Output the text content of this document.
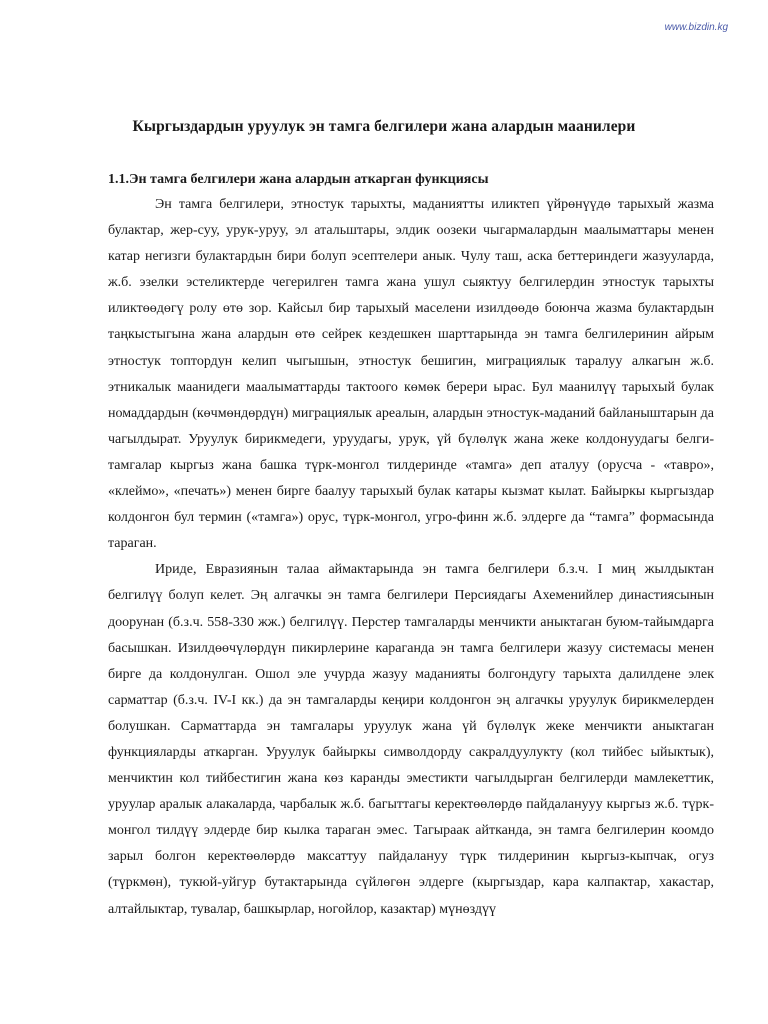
www.bizdin.kg
Кыргыздардын уруулук эн тамга белгилери жана алардын маанилери
1.1.Эн тамга белгилери жана алардын аткарган функциясы

Эн тамга белгилери, этностук тарыхты, маданиятты иликтеп үйрөнүүдө тарыхый жазма булактар, жер-суу, урук-уруу, эл атальштары, элдик оозеки чыгармалардын маалыматтары менен катар негизги булактардын бири болуп эсептелери анык. Чулу таш, аска беттериндеги жазууларда, ж.б. эзелки эстеликтерде чегерилген тамга жана ушул сыяктуу белгилердин этностук тарыхты иликтөөдөгү ролу өтө зор. Кайсыл бир тарыхый маселени изилдөөдө боюнча жазма булактардын таңкыстыгына жана алардын өтө сейрек кездешкен шарттарында эн тамга белгилеринин айрым этностук топтордун келип чыгышын, этностук бешигин, миграциялык таралуу алкагын ж.б. этникалык маанидеги маалыматтарды тактоого көмөк берери ырас. Бул маанилүү тарыхый булак номаддардын (көчмөндөрдүн) миграциялык ареалын, алардын этностук-маданий байланыштарын да чагылдырат. Уруулук бирикмедеги, уруудагы, урук, үй бүлөлүк жана жеке колдонуудагы белги-тамгалар кыргыз жана башка түрк-монгол тилдеринде «тамга» деп аталуу (орусча - «тавро», «клеймо», «печать») менен бирге баалуу тарыхый булак катары кызмат кылат. Байыркы кыргыздар колдонгон бул термин («тамга») орус, түрк-монгол, угро-финн ж.б. элдерге да “тамга” формасында тараган.

Ириде, Евразиянын талаа аймактарында эн тамга белгилери б.з.ч. I миң жылдыктан белгилүү болуп келет. Эң алгачкы эн тамга белгилери Персиядагы Ахеменийлер династиясынын доорунан (б.з.ч. 558-330 жж.) белгилүү. Перстер тамгаларды менчикти аныктаган буюм-тайымдарга басышкан. Изилдөөчүлөрдүн пикирлерине караганда эн тамга белгилери жазуу системасы менен бирге да колдонулган. Ошол эле учурда жазуу маданияты болгондугу тарыхта далилдене элек сарматтар (б.з.ч. IV-I кк.) да эн тамгаларды кеңири колдонгон эң алгачкы уруулук бирикмелерден болушкан. Сарматтарда эн тамгалары уруулук жана үй бүлөлүк жеке менчикти аныктаган функцияларды аткарган. Уруулук байыркы символдорду сакралдуулукту (кол тийбес ыйыктык), менчиктин кол тийбестигин жана көз каранды эместикти чагылдырган белгилерди мамлекеттик, уруулар аралык алакаларда, чарбалык ж.б. багыттагы керектөөлөрдө пайдаланууу кыргыз ж.б. түрк-монгол тилдүү элдерде бир кылка тараган эмес. Тагыраак айтканда, эн тамга белгилерин коомдо зарыл болгон керектөөлөрдө максаттуу пайдалануу түрк тилдеринин кыргыз-кыпчак, огуз (түркмөн), тукюй-уйгур бутактарында сүйлөгөн элдерге (кыргыздар, кара калпактар, хакастар, алтайлыктар, тувалар, башкырлар, ногойлор, казактар) мүнөздүү
